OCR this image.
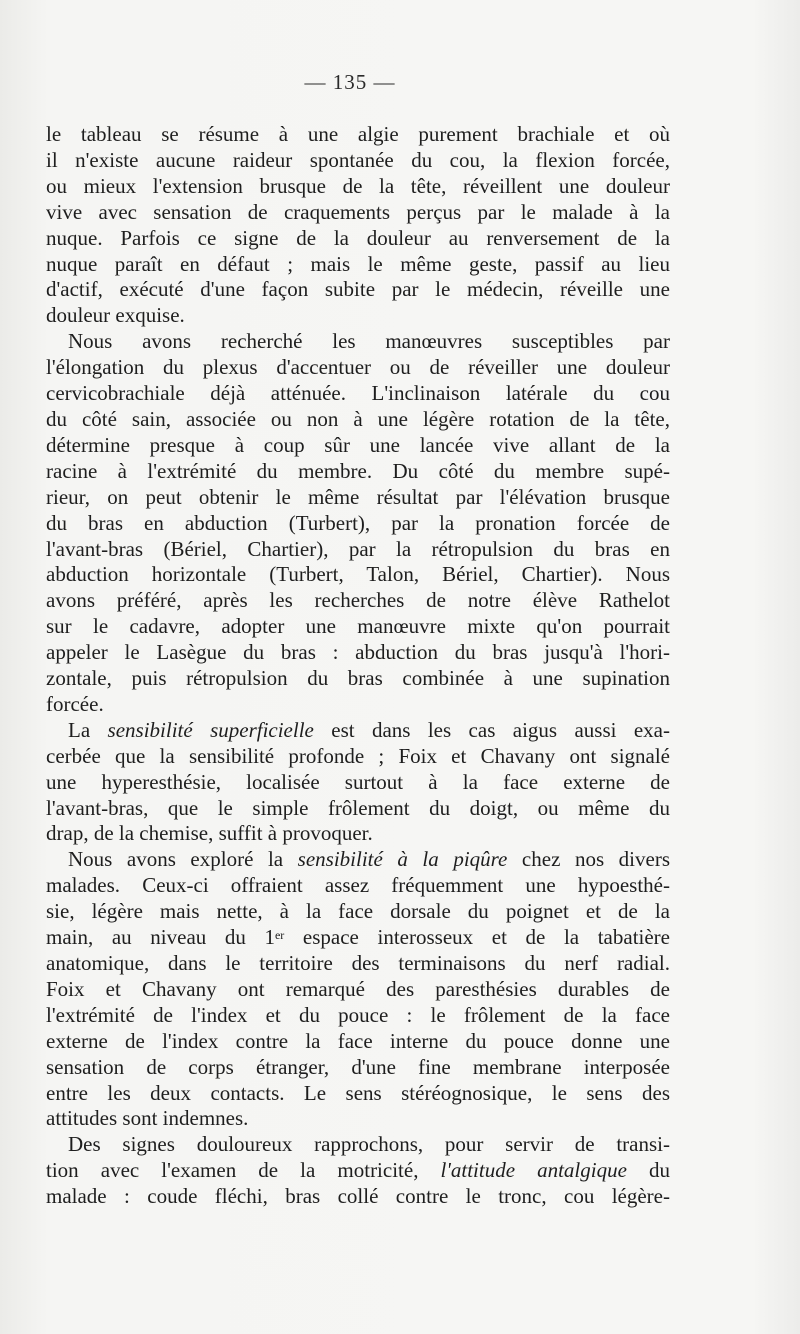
— 135 —
le tableau se résume à une algie purement brachiale et où
il n'existe aucune raideur spontanée du cou, la flexion forcée,
ou mieux l'extension brusque de la tête, réveillent une douleur
vive avec sensation de craquements perçus par le malade à la
nuque. Parfois ce signe de la douleur au renversement de la
nuque paraît en défaut ; mais le même geste, passif au lieu
d'actif, exécuté d'une façon subite par le médecin, réveille une
douleur exquise.
Nous avons recherché les manœuvres susceptibles par
l'élongation du plexus d'accentuer ou de réveiller une douleur
cervicobrachiale déjà atténuée. L'inclinaison latérale du cou
du côté sain, associée ou non à une légère rotation de la tête,
détermine presque à coup sûr une lancée vive allant de la
racine à l'extrémité du membre. Du côté du membre supé-
rieur, on peut obtenir le même résultat par l'élévation brusque
du bras en abduction (Turbert), par la pronation forcée de
l'avant-bras (Bériel, Chartier), par la rétropulsion du bras en
abduction horizontale (Turbert, Talon, Bériel, Chartier). Nous
avons préféré, après les recherches de notre élève Rathelot
sur le cadavre, adopter une manœuvre mixte qu'on pourrait
appeler le Lasègue du bras : abduction du bras jusqu'à l'hori-
zontale, puis rétropulsion du bras combinée à une supination
forcée.
La sensibilité superficielle est dans les cas aigus aussi exa-
cerbée que la sensibilité profonde ; Foix et Chavany ont signalé
une hyperesthésie, localisée surtout à la face externe de
l'avant-bras, que le simple frôlement du doigt, ou même du
drap, de la chemise, suffit à provoquer.
Nous avons exploré la sensibilité à la piqûre chez nos divers
malades. Ceux-ci offraient assez fréquemment une hypoesthé-
sie, légère mais nette, à la face dorsale du poignet et de la
main, au niveau du 1er espace interosseux et de la tabatière
anatomique, dans le territoire des terminaisons du nerf radial.
Foix et Chavany ont remarqué des paresthésies durables de
l'extrémité de l'index et du pouce : le frôlement de la face
externe de l'index contre la face interne du pouce donne une
sensation de corps étranger, d'une fine membrane interposée
entre les deux contacts. Le sens stéréognosique, le sens des
attitudes sont indemnes.
Des signes douloureux rapprochons, pour servir de transi-
tion avec l'examen de la motricité, l'attitude antalgique du
malade : coude fléchi, bras collé contre le tronc, cou légère-
